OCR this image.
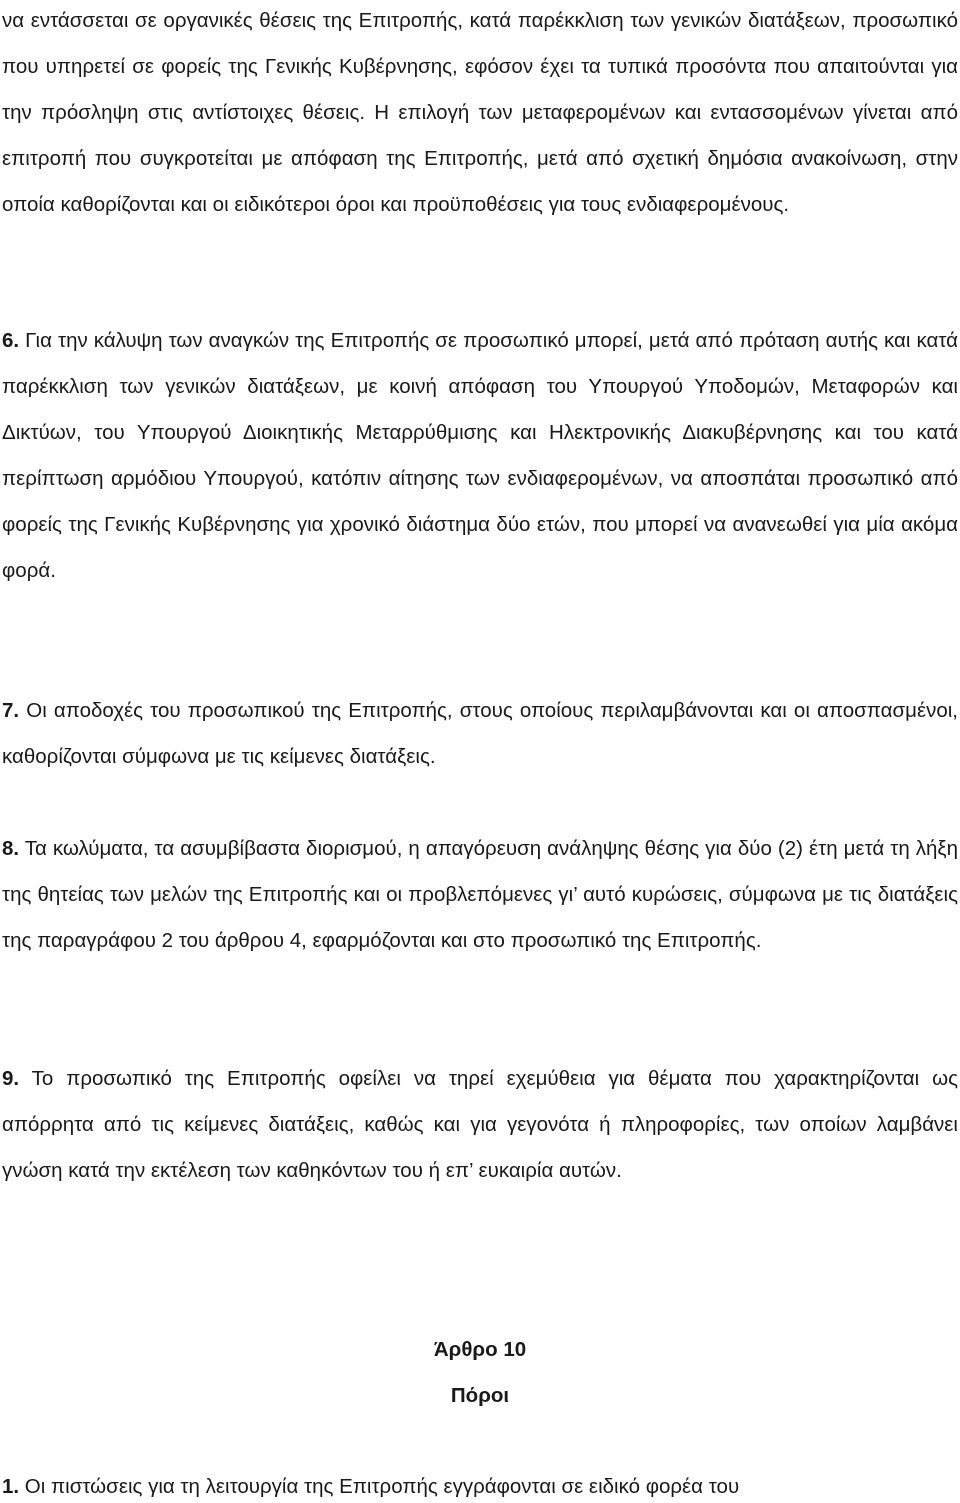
να εντάσσεται σε οργανικές θέσεις της Επιτροπής, κατά παρέκκλιση των γενικών διατάξεων, προσωπικό που υπηρετεί σε φορείς της Γενικής Κυβέρνησης, εφόσον έχει τα τυπικά προσόντα που απαιτούνται για την πρόσληψη στις αντίστοιχες θέσεις. Η επιλογή των μεταφερομένων και εντασσομένων γίνεται από επιτροπή που συγκροτείται με απόφαση της Επιτροπής, μετά από σχετική δημόσια ανακοίνωση, στην οποία καθορίζονται και οι ειδικότεροι όροι και προϋποθέσεις για τους ενδιαφερομένους.

6. Για την κάλυψη των αναγκών της Επιτροπής σε προσωπικό μπορεί, μετά από πρόταση αυτής και κατά παρέκκλιση των γενικών διατάξεων, με κοινή απόφαση του Υπουργού Υποδομών, Μεταφορών και Δικτύων, του Υπουργού Διοικητικής Μεταρρύθμισης και Ηλεκτρονικής Διακυβέρνησης και του κατά περίπτωση αρμόδιου Υπουργού, κατόπιν αίτησης των ενδιαφερομένων, να αποσπάται προσωπικό από φορείς της Γενικής Κυβέρνησης για χρονικό διάστημα δύο ετών, που μπορεί να ανανεωθεί για μία ακόμα φορά.

7. Οι αποδοχές του προσωπικού της Επιτροπής, στους οποίους περιλαμβάνονται και οι αποσπασμένοι, καθορίζονται σύμφωνα με τις κείμενες διατάξεις.

8. Τα κωλύματα, τα ασυμβίβαστα διορισμού, η απαγόρευση ανάληψης θέσης για δύο (2) έτη μετά τη λήξη της θητείας των μελών της Επιτροπής και οι προβλεπόμενες γι’ αυτό κυρώσεις, σύμφωνα με τις διατάξεις της παραγράφου 2 του άρθρου 4, εφαρμόζονται και στο προσωπικό της Επιτροπής.

9. Το προσωπικό της Επιτροπής οφείλει να τηρεί εχεμύθεια για θέματα που χαρακτηρίζονται ως απόρρητα από τις κείμενες διατάξεις, καθώς και για γεγονότα ή πληροφορίες, των οποίων λαμβάνει γνώση κατά την εκτέλεση των καθηκόντων του ή επ’ ευκαιρία αυτών.

Άρθρο 10

Πόροι

1. Οι πιστώσεις για τη λειτουργία της Επιτροπής εγγράφονται σε ειδικό φορέα του
